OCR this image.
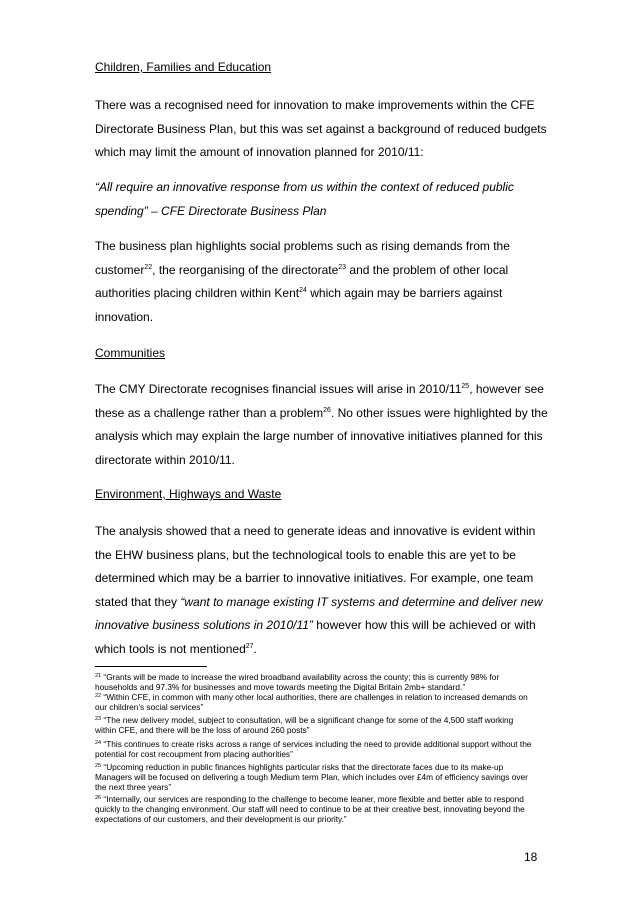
Children, Families and Education
There was a recognised need for innovation to make improvements within the CFE Directorate Business Plan, but this was set against a background of reduced budgets which may limit the amount of innovation planned for 2010/11:
“All require an innovative response from us within the context of reduced public spending” – CFE Directorate Business Plan
The business plan highlights social problems such as rising demands from the customer$^{22}$, the reorganising of the directorate$^{23}$ and the problem of other local authorities placing children within Kent$^{24}$ which again may be barriers against innovation.
Communities
The CMY Directorate recognises financial issues will arise in $2010/11^{25}$, however see these as a challenge rather than a problem$^{26}$. No other issues were highlighted by the analysis which may explain the large number of innovative initiatives planned for this directorate within 2010/11.
Environment, Highways and Waste
The analysis showed that a need to generate ideas and innovative is evident within the EHW business plans, but the technological tools to enable this are yet to be determined which may be a barrier to innovative initiatives. For example, one team stated that they “want to manage existing IT systems and determine and deliver new innovative business solutions in 2010/11” however how this will be achieved or with which tools is not mentioned$^{27}$.
$^{21}$ “Grants will be made to increase the wired broadband availability across the county; this is currently 98% for households and 97.3% for businesses and move towards meeting the Digital Britain 2mb+ standard.”
$^{22}$ “Within CFE, in common with many other local authorities, there are challenges in relation to increased demands on our children’s social services”
$^{23}$ “The new delivery model, subject to consultation, will be a significant change for some of the 4,500 staff working within CFE, and there will be the loss of around 260 posts”
$^{24}$ “This continues to create risks across a range of services including the need to provide additional support without the potential for cost recoupment from placing authorities”
$^{25}$ “Upcoming reduction in public finances highlights particular risks that the directorate faces due to its make-up Managers will be focused on delivering a tough Medium term Plan, which includes over £4m of efficiency savings over the next three years”
$^{26}$ “Internally, our services are responding to the challenge to become leaner, more flexible and better able to respond quickly to the changing environment. Our staff will need to continue to be at their creative best, innovating beyond the expectations of our customers, and their development is our priority.”
18
